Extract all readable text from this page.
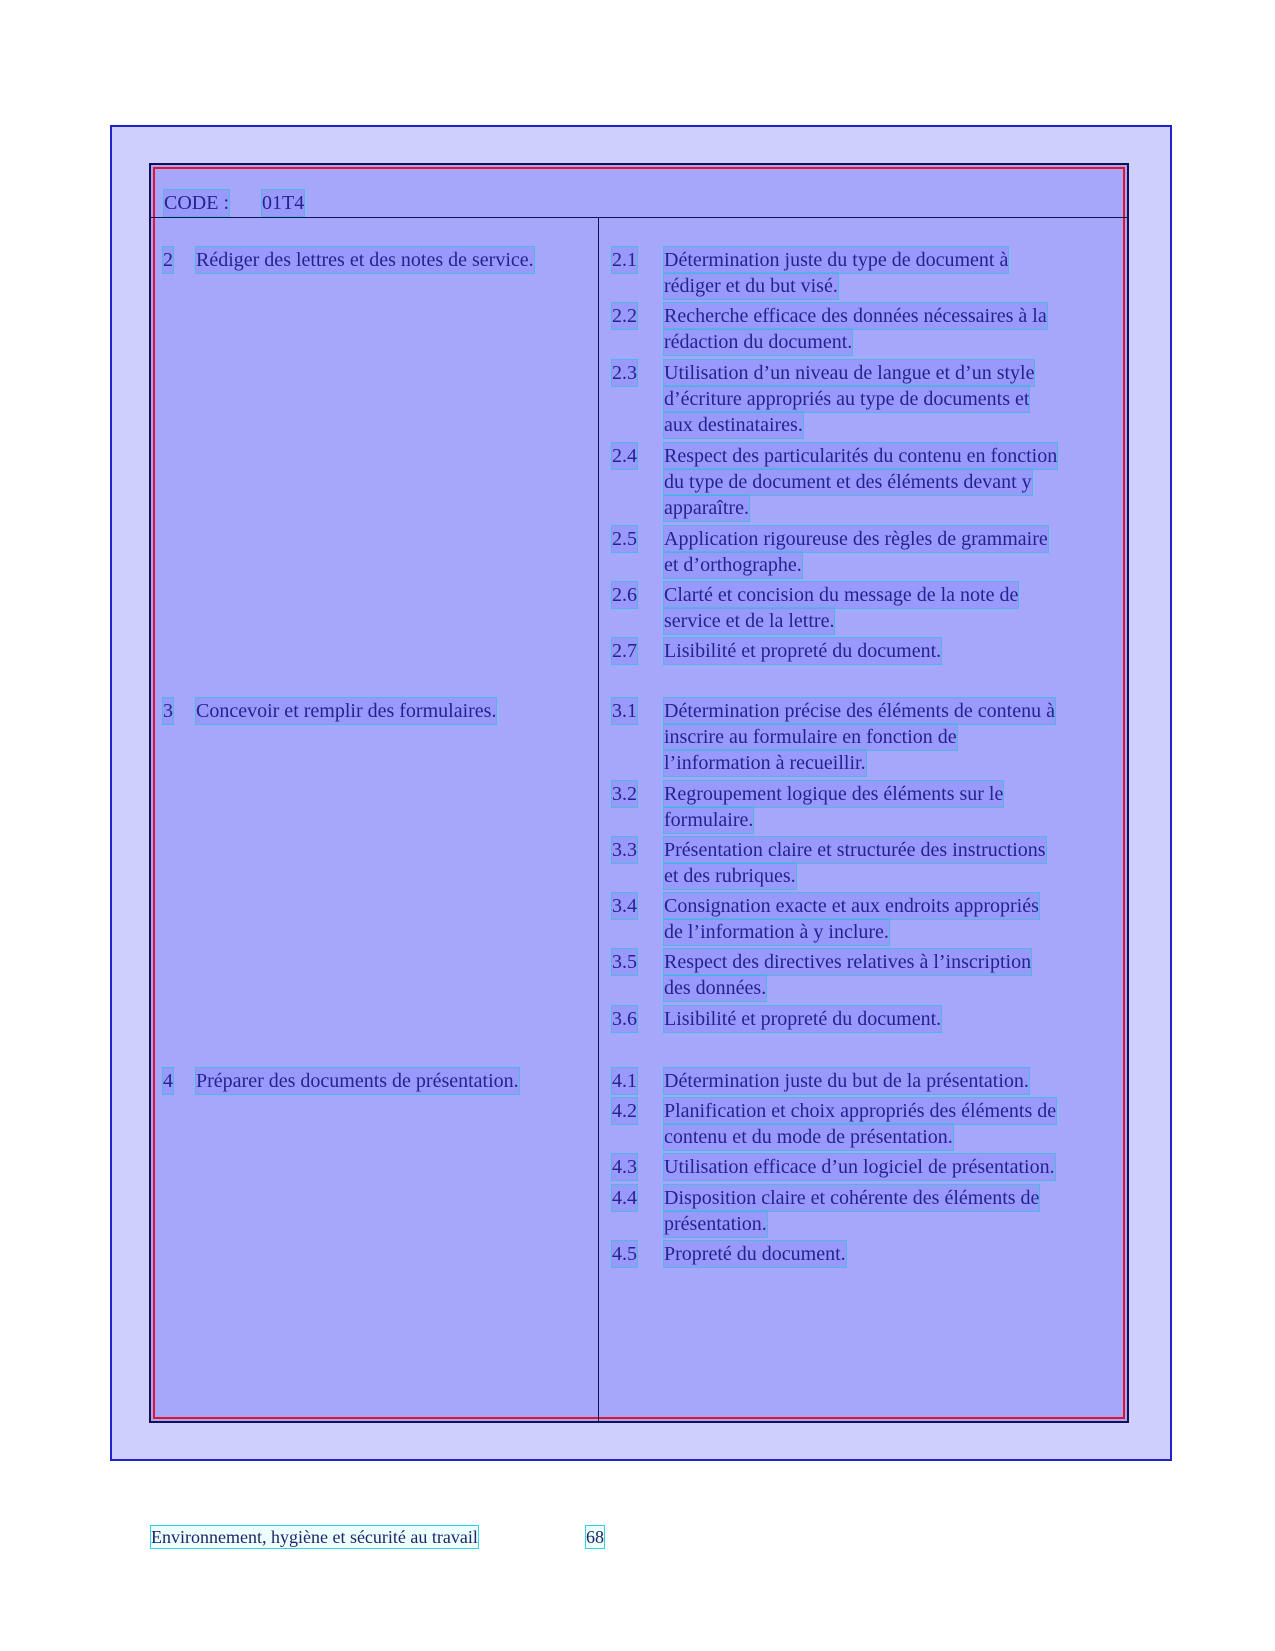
CODE : 01T4
2 Rédiger des lettres et des notes de service.
3 Concevoir et remplir des formulaires.
4 Préparer des documents de présentation.
2.1 Détermination juste du type de document à
rédiger et du but visé.
2.2 Recherche efficace des données nécessaires à la
rédaction du document.
2.3 Utilisation d’un niveau de langue et d’un style
d’écriture appropriés au type de documents et
aux destinataires.
2.4 Respect des particularités du contenu en fonction
du type de document et des éléments devant y
apparaître.
2.5 Application rigoureuse des règles de grammaire
et d’orthographe.
2.6 Clarté et concision du message de la note de
service et de la lettre.
2.7 Lisibilité et propreté du document.
3.1 Détermination précise des éléments de contenu à
inscrire au formulaire en fonction de
l’information à recueillir.
3.2 Regroupement logique des éléments sur le
formulaire.
3.3 Présentation claire et structurée des instructions
et des rubriques.
3.4 Consignation exacte et aux endroits appropriés
de l’information à y inclure.
3.5 Respect des directives relatives à l’inscription
des données.
3.6 Lisibilité et propreté du document.
4.1 Détermination juste du but de la présentation.
4.2 Planification et choix appropriés des éléments de
contenu et du mode de présentation.
4.3 Utilisation efficace d’un logiciel de présentation.
4.4 Disposition claire et cohérente des éléments de
présentation.
4.5 Propreté du document.
Environnement, hygiène et sécurité au travail	68
